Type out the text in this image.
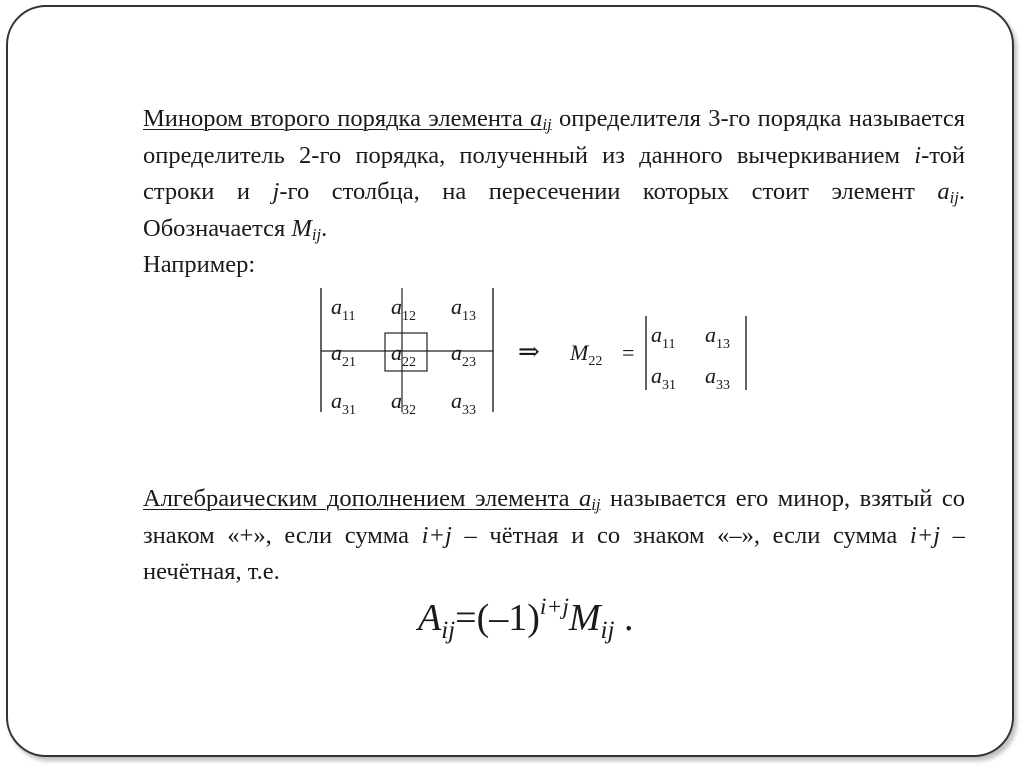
Минором второго порядка элемента $a_{ij}$ определителя 3-го порядка называется определитель 2-го порядка, полученный из данного вычеркиванием i-той строки и j-го столбца, на пересечении которых стоит элемент $a_{ij}$. Обозначается $M_{ij}$.
Например:
$a_{11}$ $a_{12}$ $a_{13}$
$a_{21}$ $a_{22}$ $a_{23}$
$a_{31}$ $a_{32}$ $a_{33}$
⇒ $M_{22}$ =
$a_{11}$ $a_{13}$
$a_{31}$ $a_{33}$
Алгебраическим дополнением элемента $a_{ij}$ называется его минор, взятый со знаком «+», если сумма i+j – чётная и со знаком «–», если сумма i+j – нечётная, т.е.
$A_{ij}=(-1)^{i+j}M_{ij}$ .
